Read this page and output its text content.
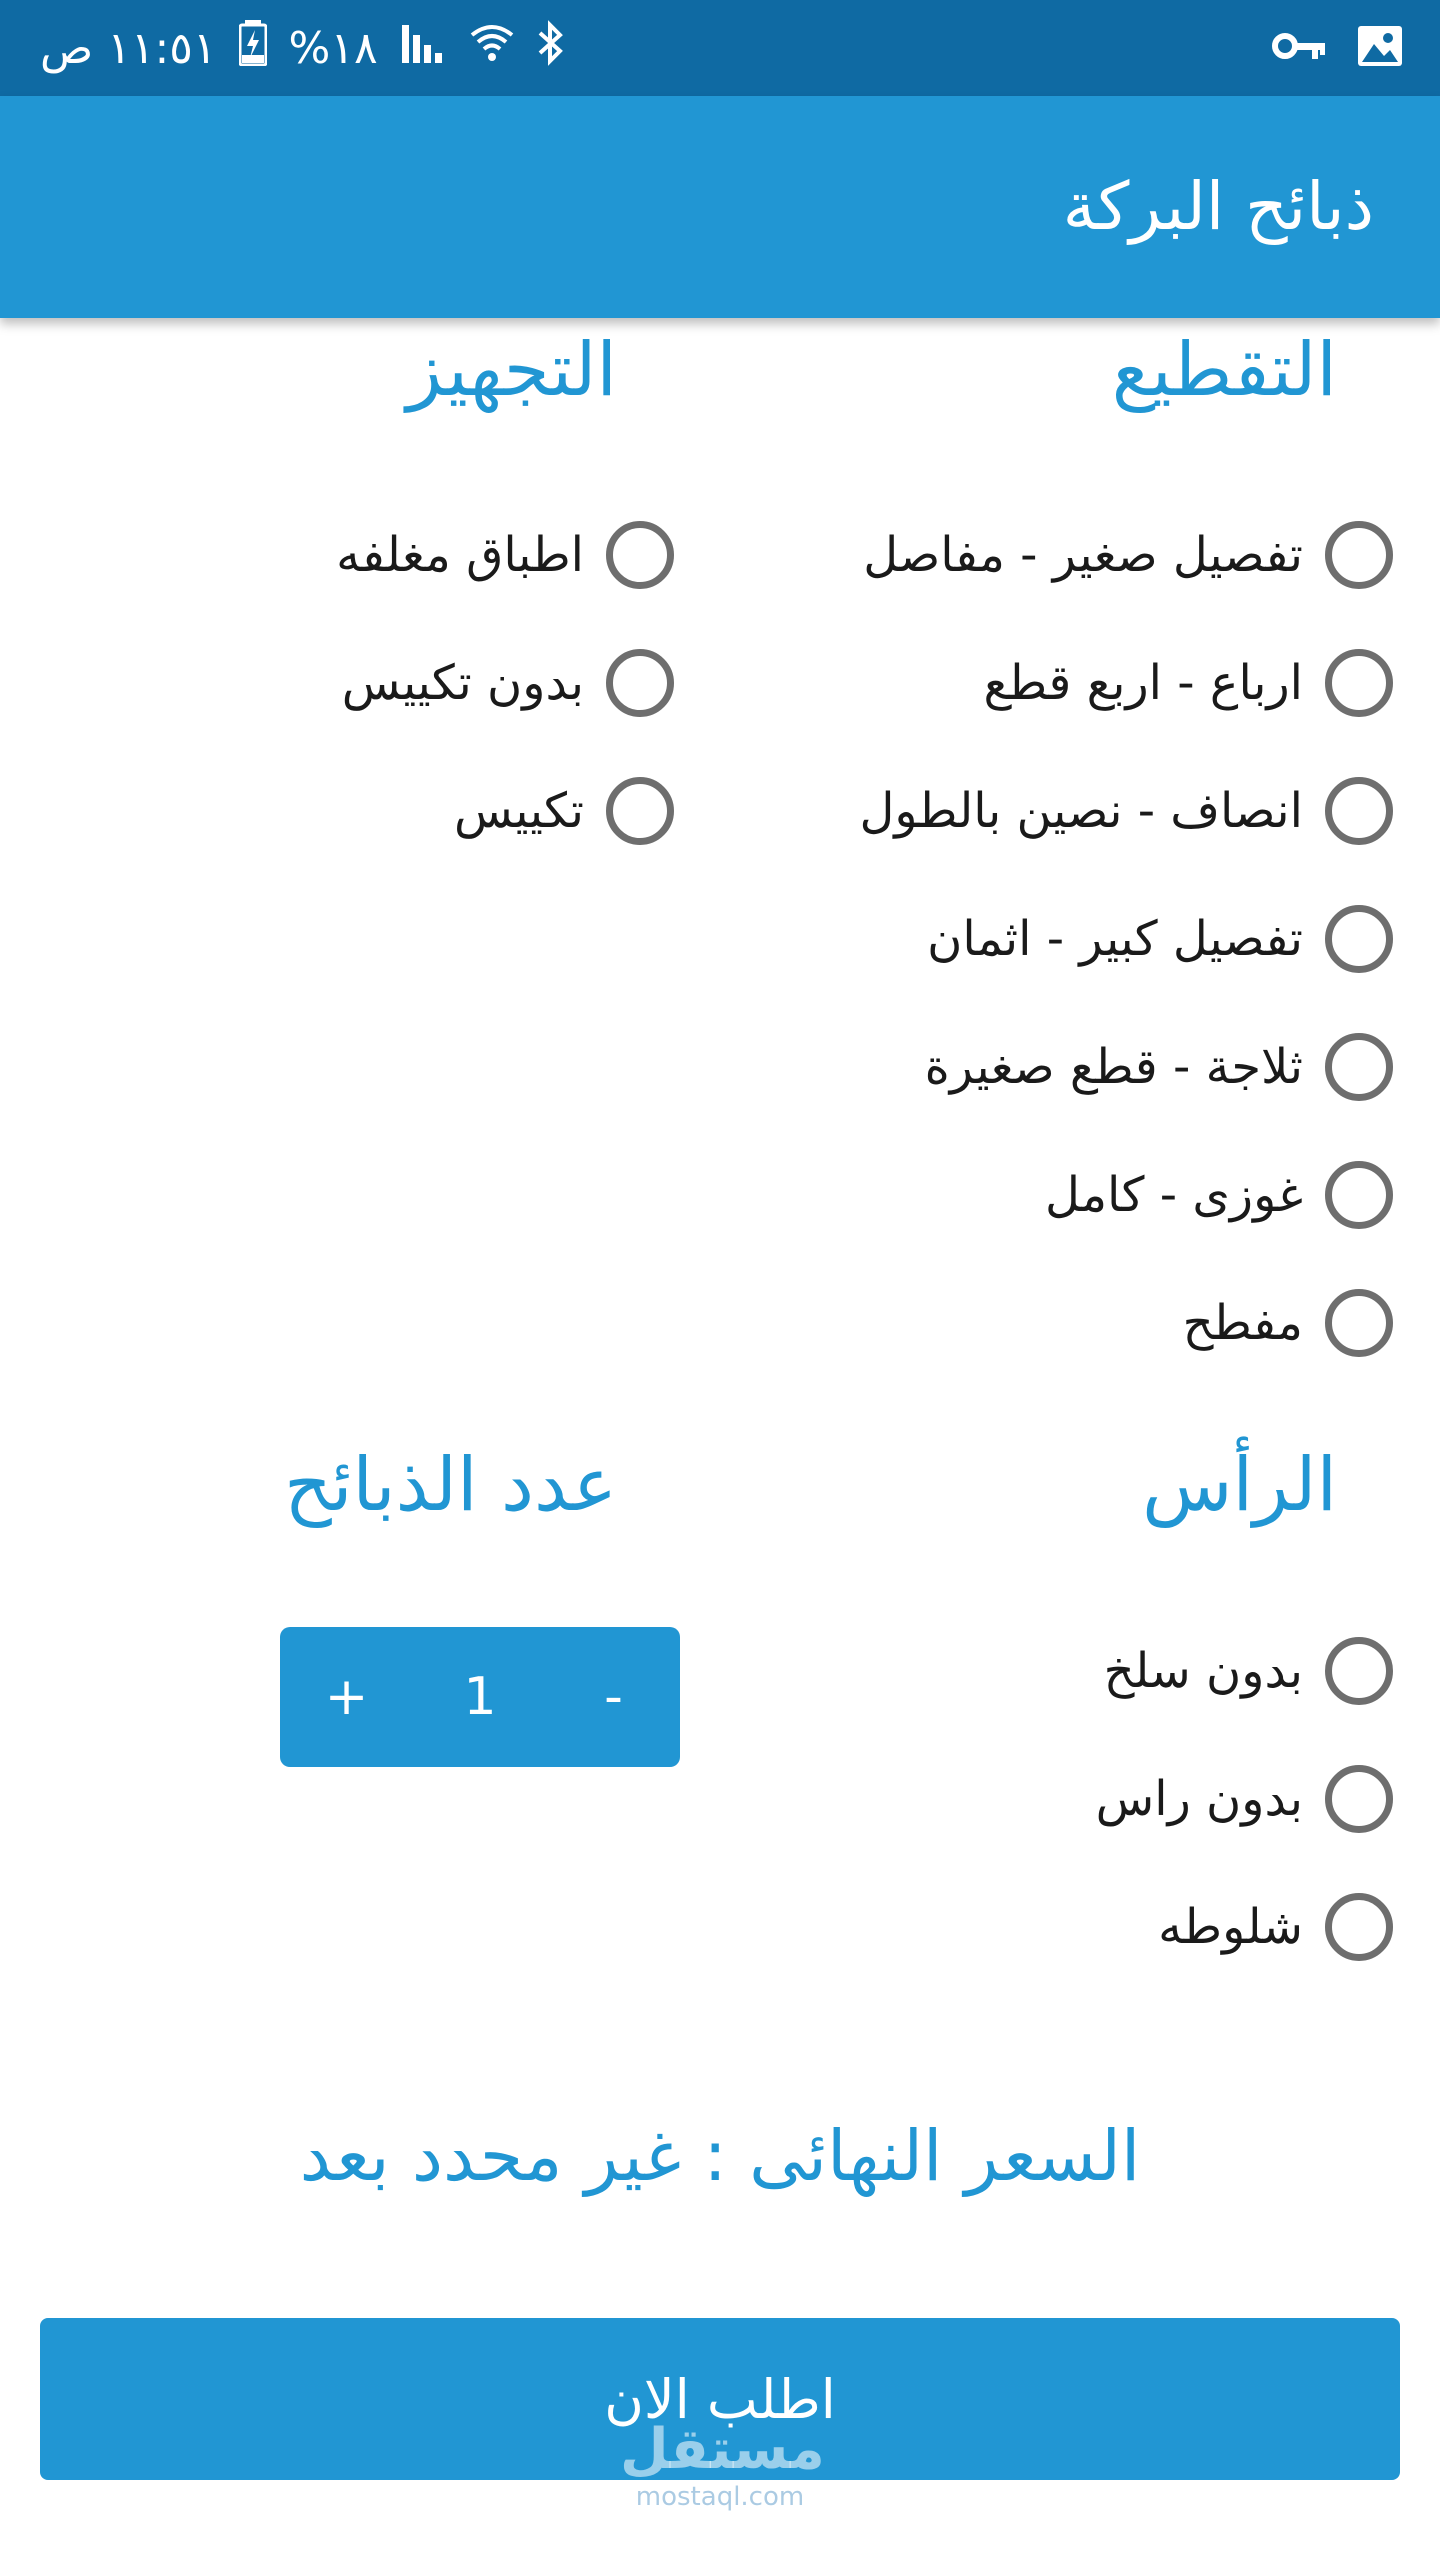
١١:٥١ ص %١٨
ذبائح البركة
التقطيع
تفصيل صغير - مفاصل
ارباع - اربع قطع
انصاف - نصين بالطول
تفصيل كبير - اثمان
ثلاجة - قطع صغيرة
غوزى - كامل
مفطح
التجهيز
اطباق مغلفه
بدون تكييس
تكييس
الرأس
بدون سلخ
بدون راس
شلوطه
عدد الذبائح
+	1	-
السعر النهائى : غير محدد بعد
اطلب الان
مستقل
mostaql.com
